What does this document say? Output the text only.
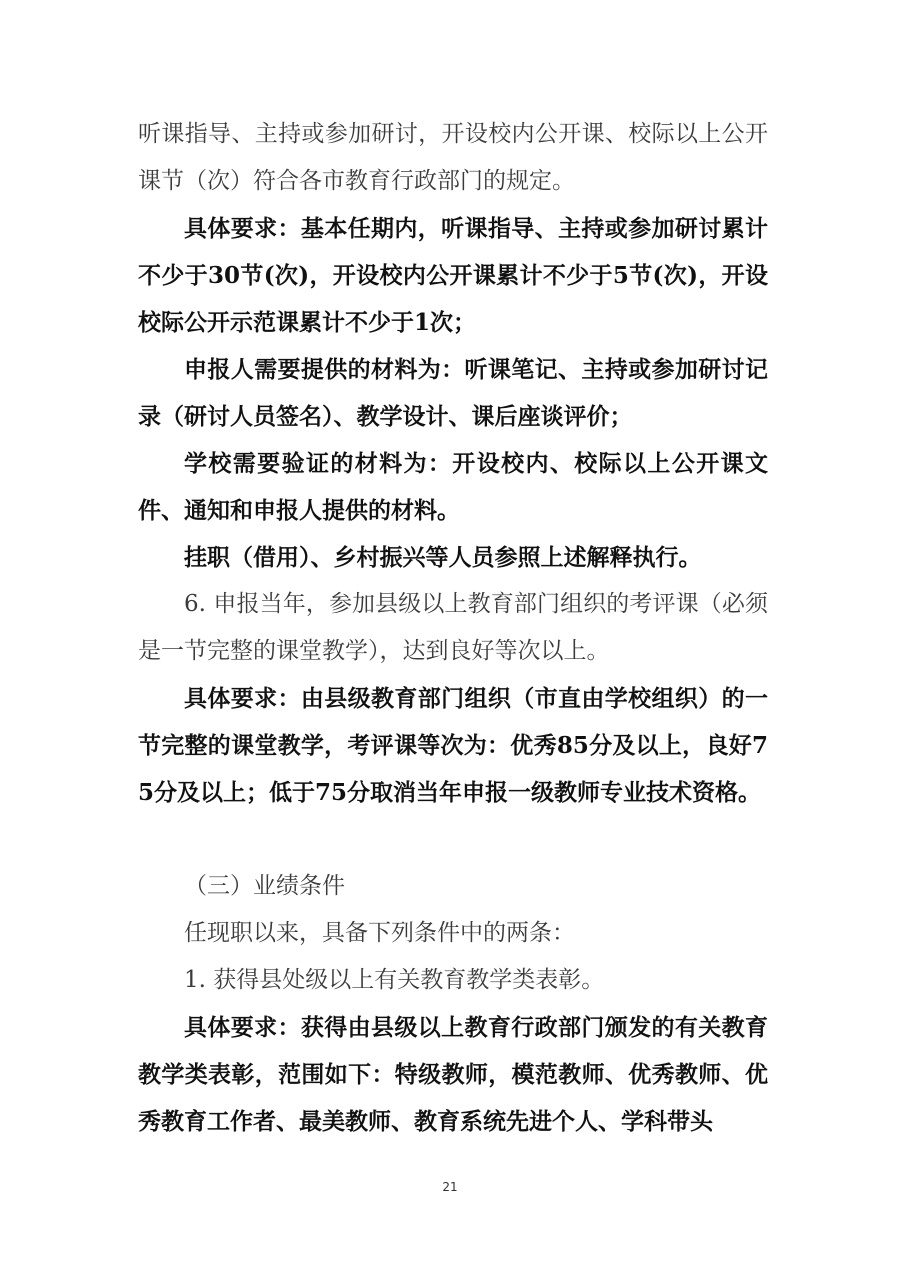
听课指导、主持或参加研讨，开设校内公开课、校际以上公开课节（次）符合各市教育行政部门的规定。

具体要求：基本任期内，听课指导、主持或参加研讨累计不少于30节(次)，开设校内公开课累计不少于5节(次)，开设校际公开示范课累计不少于1次；

申报人需要提供的材料为：听课笔记、主持或参加研讨记录（研讨人员签名）、教学设计、课后座谈评价；

学校需要验证的材料为：开设校内、校际以上公开课文件、通知和申报人提供的材料。

挂职（借用）、乡村振兴等人员参照上述解释执行。

6. 申报当年，参加县级以上教育部门组织的考评课（必须是一节完整的课堂教学），达到良好等次以上。

具体要求：由县级教育部门组织（市直由学校组织）的一节完整的课堂教学，考评课等次为：优秀85分及以上，良好75分及以上；低于75分取消当年申报一级教师专业技术资格。

（三）业绩条件

任现职以来，具备下列条件中的两条：

1. 获得县处级以上有关教育教学类表彰。

具体要求：获得由县级以上教育行政部门颁发的有关教育教学类表彰，范围如下：特级教师，模范教师、优秀教师、优秀教育工作者、最美教师、教育系统先进个人、学科带头

21
